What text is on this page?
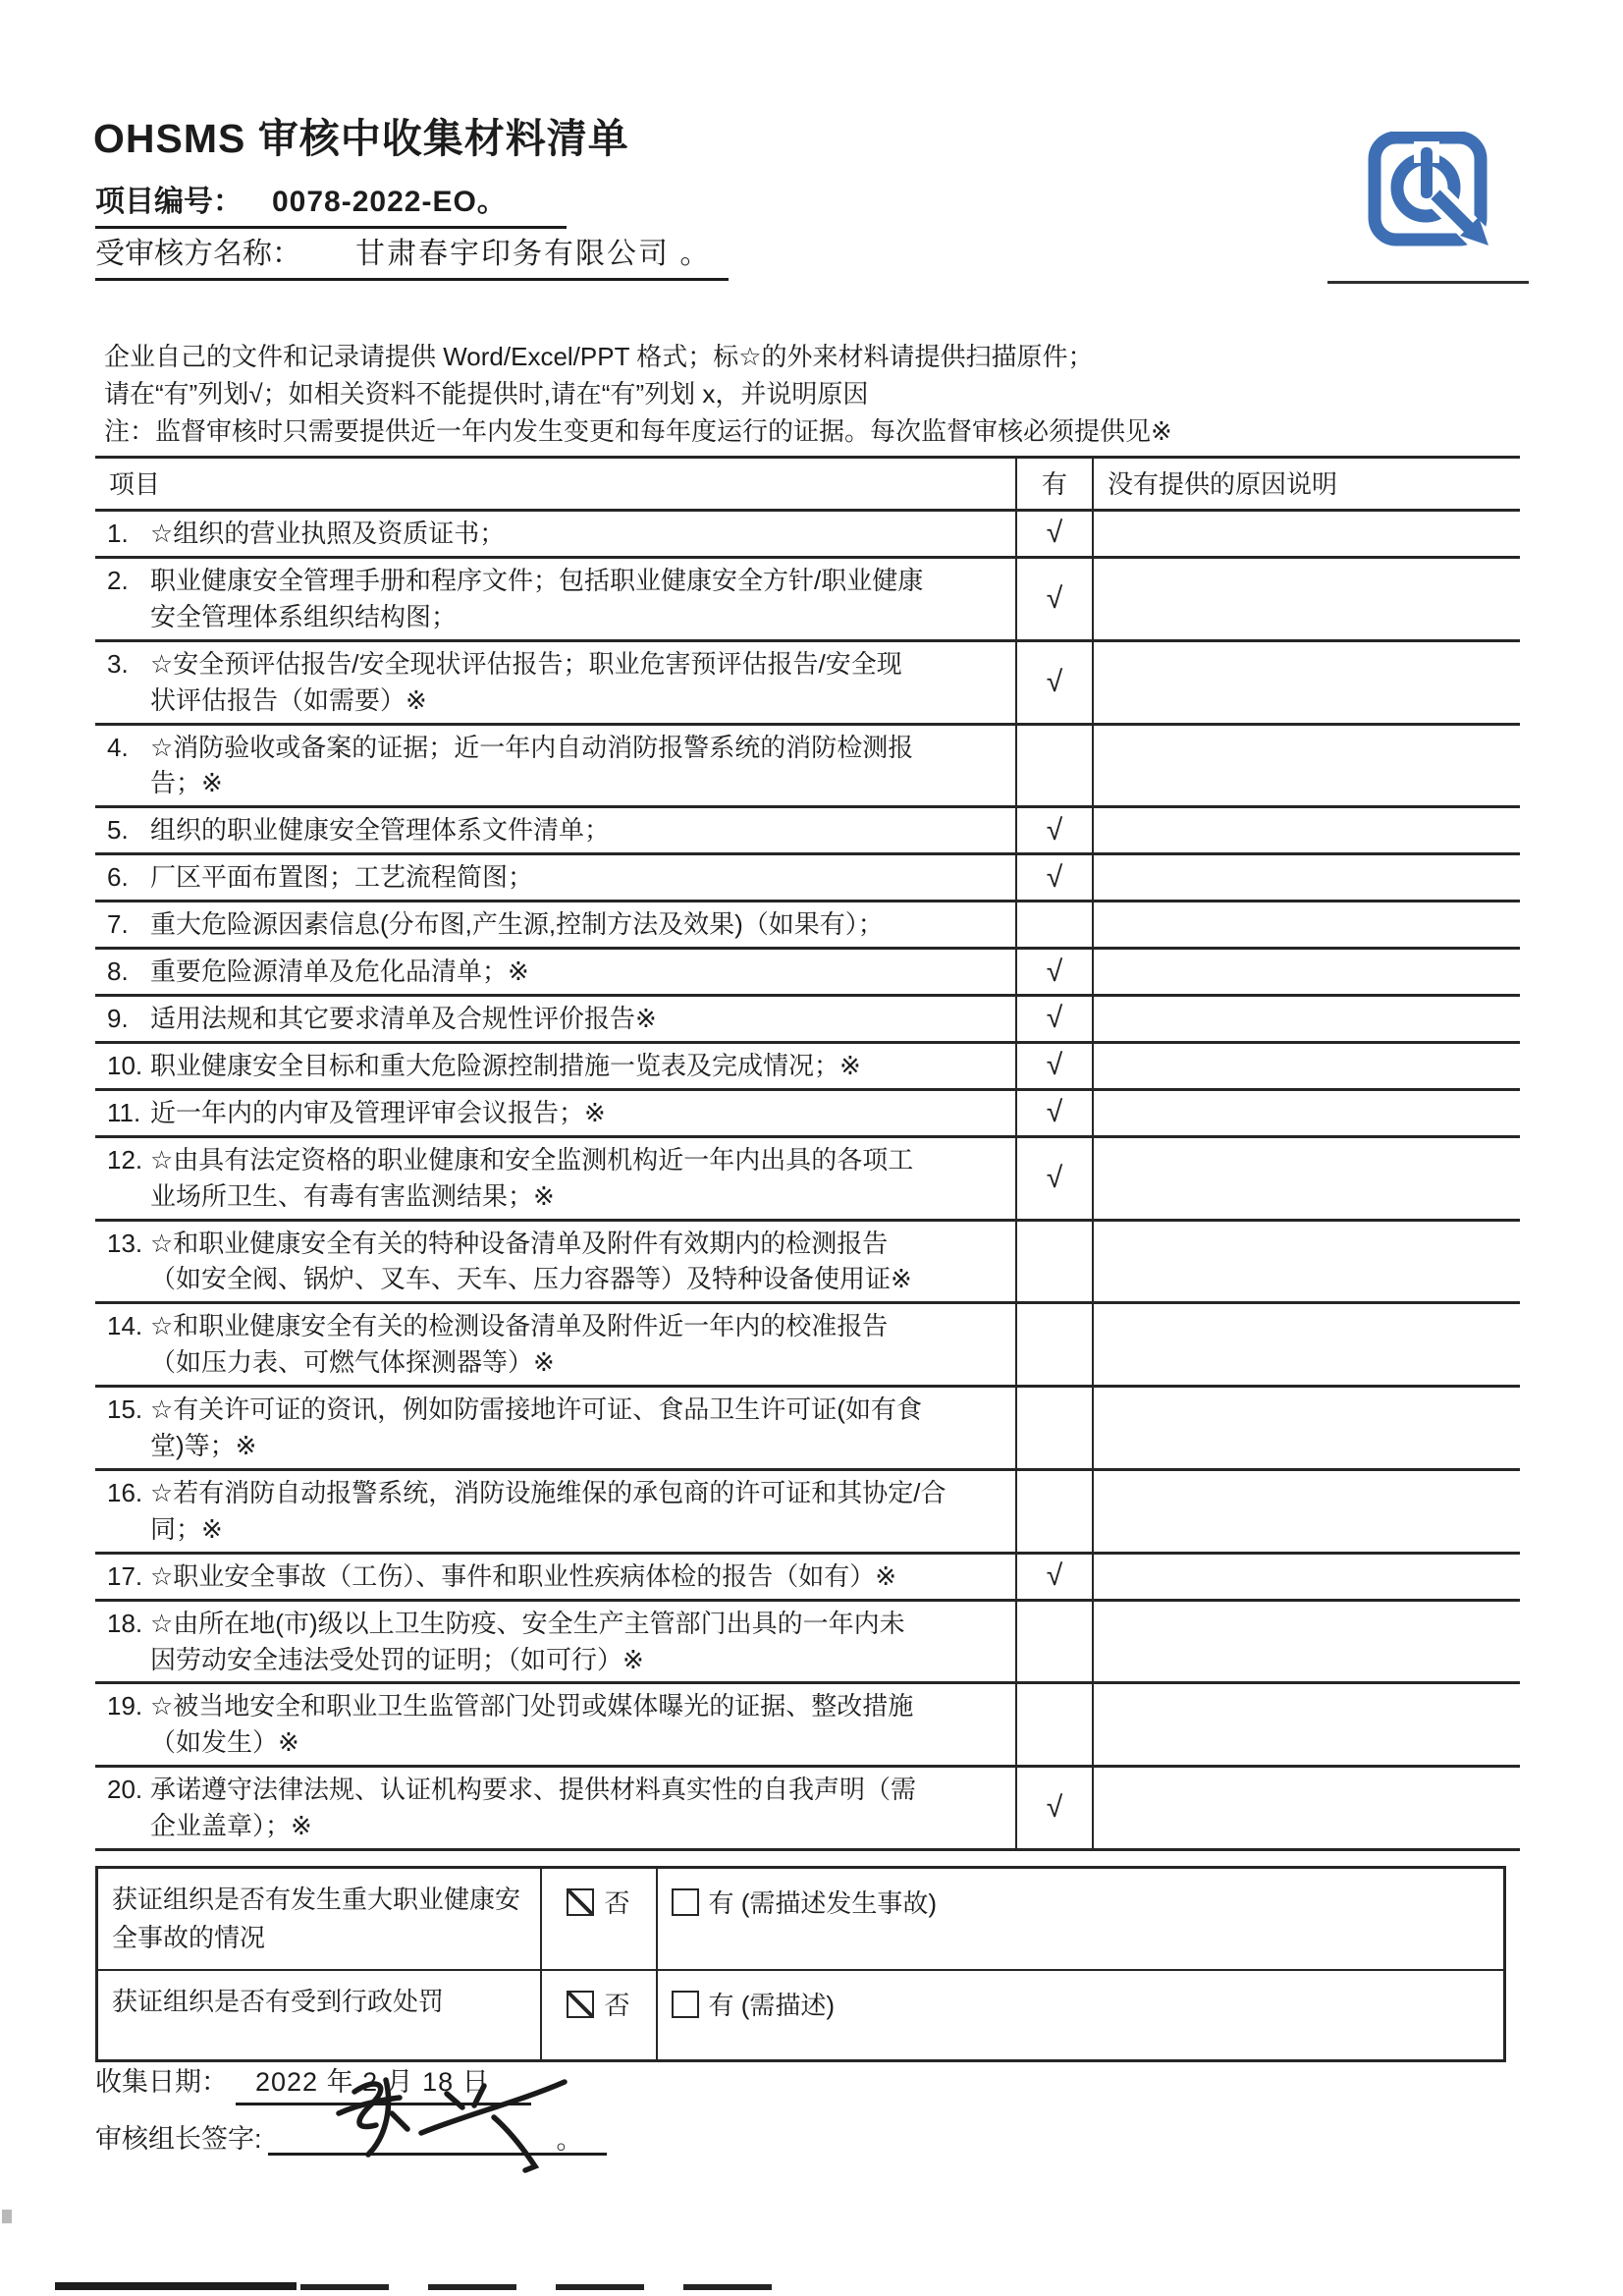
OHSMS 审核中收集材料清单
项目编号： 0078-2022-EO。
受审核方名称： 甘肃春宇印务有限公司 。
企业自己的文件和记录请提供 Word/Excel/PPT 格式；标☆的外来材料请提供扫描原件；
请在“有”列划√；如相关资料不能提供时,请在“有”列划 x，并说明原因
注：监督审核时只需要提供近一年内发生变更和每年度运行的证据。每次监督审核必须提供见※
项目	有	没有提供的原因说明

1. ☆组织的营业执照及资质证书；	√	

2. 职业健康安全管理手册和程序文件；包括职业健康安全方针/职业健康
安全管理体系组织结构图；	√	

3. ☆安全预评估报告/安全现状评估报告；职业危害预评估报告/安全现
状评估报告（如需要）※	√	

4. ☆消防验收或备案的证据；近一年内自动消防报警系统的消防检测报
告；※		

5. 组织的职业健康安全管理体系文件清单；	√	

6. 厂区平面布置图；工艺流程简图；	√	

7. 重大危险源因素信息(分布图,产生源,控制方法及效果)（如果有）；		

8. 重要危险源清单及危化品清单；※	√	

9. 适用法规和其它要求清单及合规性评价报告※	√	

10. 职业健康安全目标和重大危险源控制措施一览表及完成情况；※	√	

11. 近一年内的内审及管理评审会议报告；※	√	

12. ☆由具有法定资格的职业健康和安全监测机构近一年内出具的各项工
业场所卫生、有毒有害监测结果；※	√	

13. ☆和职业健康安全有关的特种设备清单及附件有效期内的检测报告
（如安全阀、锅炉、叉车、天车、压力容器等）及特种设备使用证※		

14. ☆和职业健康安全有关的检测设备清单及附件近一年内的校准报告
（如压力表、可燃气体探测器等）※		

15. ☆有关许可证的资讯，例如防雷接地许可证、食品卫生许可证(如有食
堂)等；※		

16. ☆若有消防自动报警系统，消防设施维保的承包商的许可证和其协定/合
同；※		

17. ☆职业安全事故（工伤）、事件和职业性疾病体检的报告（如有）※	√	

18. ☆由所在地(市)级以上卫生防疫、安全生产主管部门出具的一年内未
因劳动安全违法受处罚的证明；（如可行）※		

19. ☆被当地安全和职业卫生监管部门处罚或媒体曝光的证据、整改措施
（如发生）※		

20. 承诺遵守法律法规、认证机构要求、提供材料真实性的自我声明（需
企业盖章）；※	√	
获证组织是否有发生重大职业健康安全事故的情况	否	有 (需描述发生事故)
获证组织是否有受到行政处罚	否	有 (需描述)
收集日期： 2022 年 2 月 18 日
审核组长签字:	。
